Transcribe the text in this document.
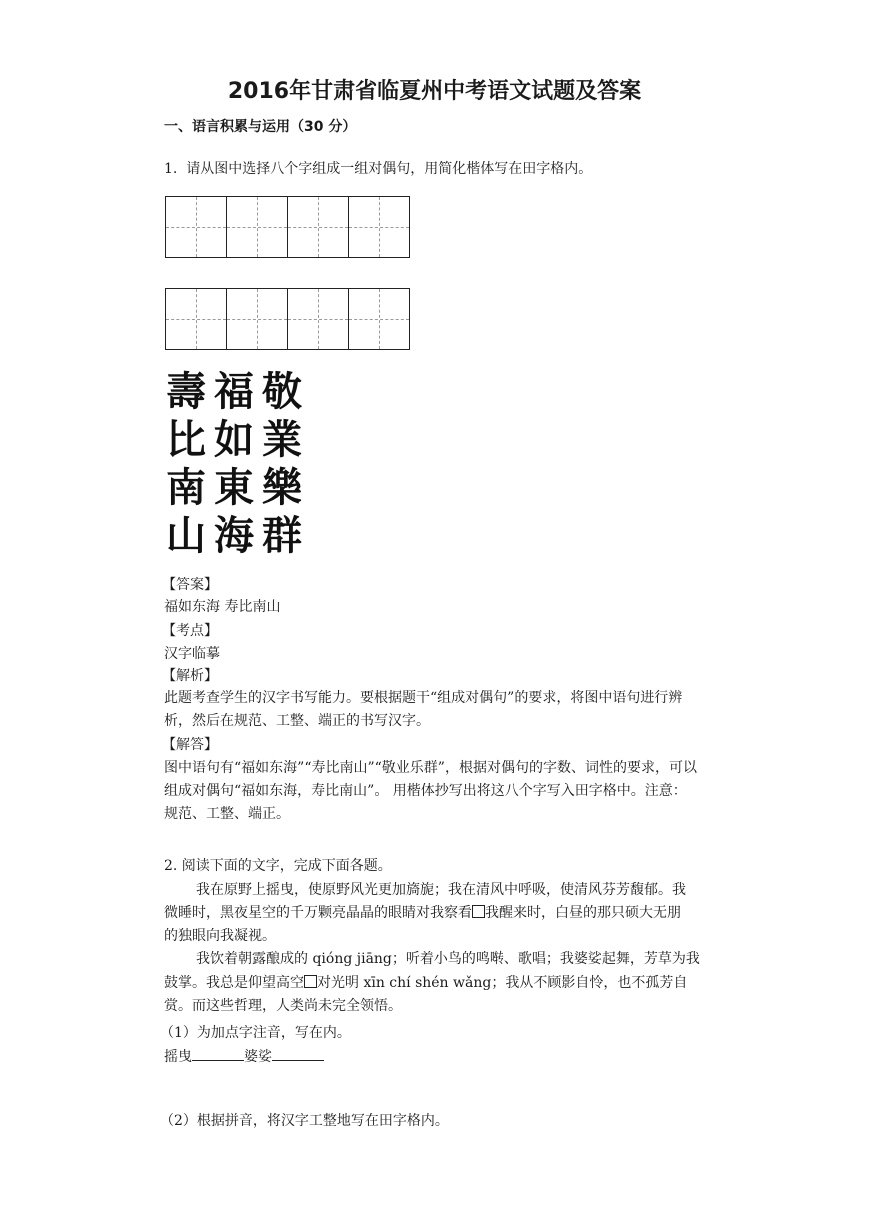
2016年甘肃省临夏州中考语文试题及答案
一、语言积累与运用（30 分）
1.  请从图中选择八个字组成一组对偶句，用简化楷体写在田字格内。
壽 福 敬
比 如 業
南 東 樂
山 海 群
【答案】
福如东海 寿比南山
【考点】
汉字临摹
【解析】
此题考查学生的汉字书写能力。要根据题干“组成对偶句”的要求，将图中语句进行辨
析，然后在规范、工整、端正的书写汉字。
【解答】
图中语句有“福如东海”“寿比南山”“敬业乐群”，根据对偶句的字数、词性的要求，可以
组成对偶句“福如东海，寿比南山”。 用楷体抄写出将这八个字写入田字格中。注意：
规范、工整、端正。
2. 阅读下面的文字，完成下面各题。
我在原野上摇曳，使原野风光更加旖旎；我在清风中呼吸，使清风芬芳馥郁。我
微睡时，黑夜星空的千万颗亮晶晶的眼睛对我察看 我醒来时，白昼的那只硕大无朋
的独眼向我凝视。
我饮着朝露酿成的 qióng jiāng；听着小鸟的鸣啭、歌唱；我婆娑起舞，芳草为我
鼓掌。我总是仰望高空 对光明 xīn chí shén wǎng；我从不顾影自怜，也不孤芳自
赏。而这些哲理，人类尚未完全领悟。
（1）为加点字注音，写在内。
摇曳	婆娑
（2）根据拼音，将汉字工整地写在田字格内。
